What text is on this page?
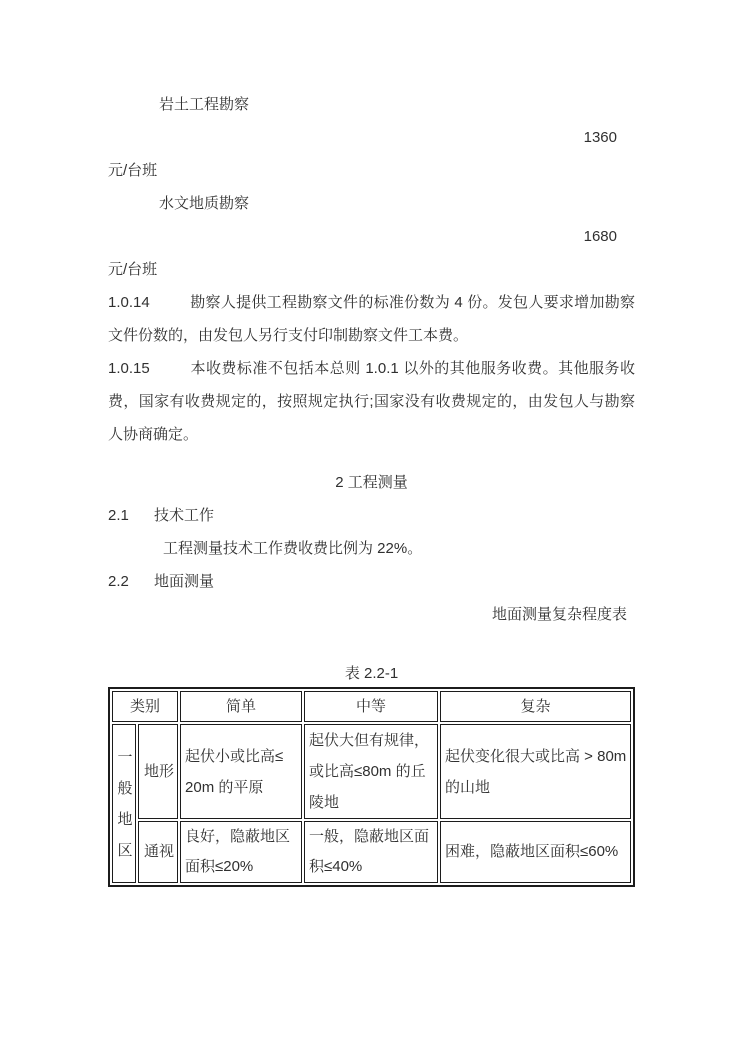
岩土工程勘察
1360
元/台班
水文地质勘察
1680
元/台班

1.0.14	勘察人提供工程勘察文件的标准份数为 4 份。发包人要求增加勘察文件份数的，由发包人另行支付印制勘察文件工本费。

1.0.15	本收费标准不包括本总则 1.0.1 以外的其他服务收费。其他服务收费，国家有收费规定的，按照规定执行;国家没有收费规定的，由发包人与勘察人协商确定。

2 工程测量
2.1 技术工作
工程测量技术工作费收费比例为 22%。
2.2 地面测量
地面测量复杂程度表
表 2.2-1
类别		简单	中等	复杂
一般地区	地形	起伏小或比高≤ 20m 的平原	起伏大但有规律，或比高≤80m 的丘陵地	起伏变化很大或比高 > 80m 的山地
	通视	良好，隐蔽地区面积≤20%	一般，隐蔽地区面积≤40%	困难，隐蔽地区面积≤60%
